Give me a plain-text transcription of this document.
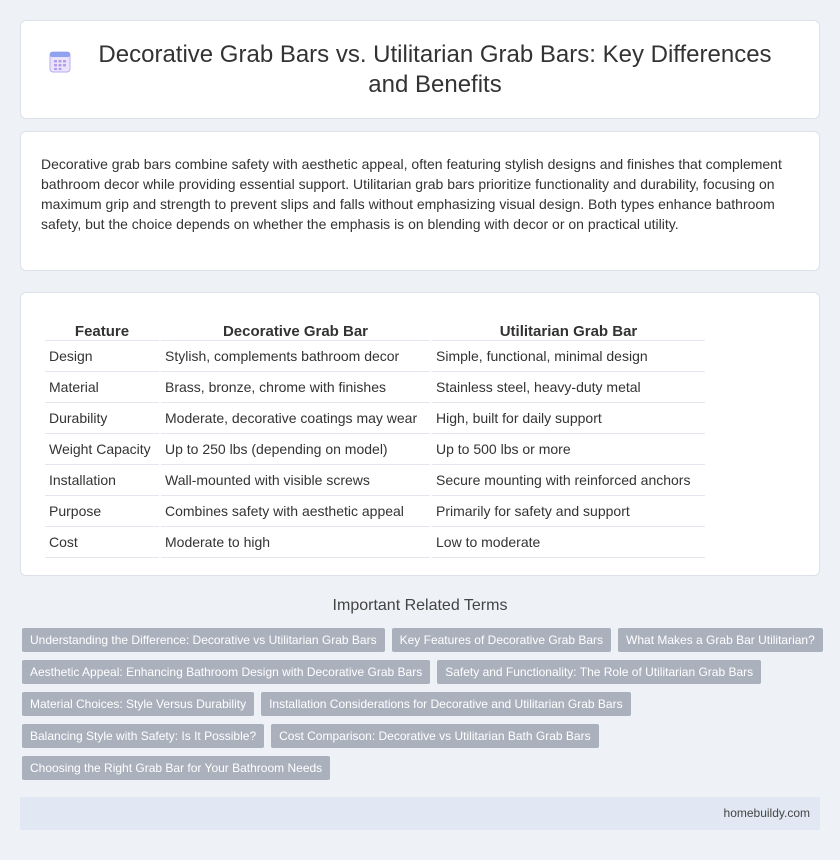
Decorative Grab Bars vs. Utilitarian Grab Bars: Key Differences and Benefits

Decorative grab bars combine safety with aesthetic appeal, often featuring stylish designs and finishes that complement bathroom decor while providing essential support. Utilitarian grab bars prioritize functionality and durability, focusing on maximum grip and strength to prevent slips and falls without emphasizing visual design. Both types enhance bathroom safety, but the choice depends on whether the emphasis is on blending with decor or on practical utility.

Feature	Decorative Grab Bar	Utilitarian Grab Bar
Design	Stylish, complements bathroom decor	Simple, functional, minimal design
Material	Brass, bronze, chrome with finishes	Stainless steel, heavy-duty metal
Durability	Moderate, decorative coatings may wear	High, built for daily support
Weight Capacity	Up to 250 lbs (depending on model)	Up to 500 lbs or more
Installation	Wall-mounted with visible screws	Secure mounting with reinforced anchors
Purpose	Combines safety with aesthetic appeal	Primarily for safety and support
Cost	Moderate to high	Low to moderate
Important Related Terms
Understanding the Difference: Decorative vs Utilitarian Grab Bars	Key Features of Decorative Grab Bars	What Makes a Grab Bar Utilitarian?
Aesthetic Appeal: Enhancing Bathroom Design with Decorative Grab Bars	Safety and Functionality: The Role of Utilitarian Grab Bars
Material Choices: Style Versus Durability	Installation Considerations for Decorative and Utilitarian Grab Bars
Balancing Style with Safety: Is It Possible?	Cost Comparison: Decorative vs Utilitarian Bath Grab Bars
Choosing the Right Grab Bar for Your Bathroom Needs
homebuildy.com
